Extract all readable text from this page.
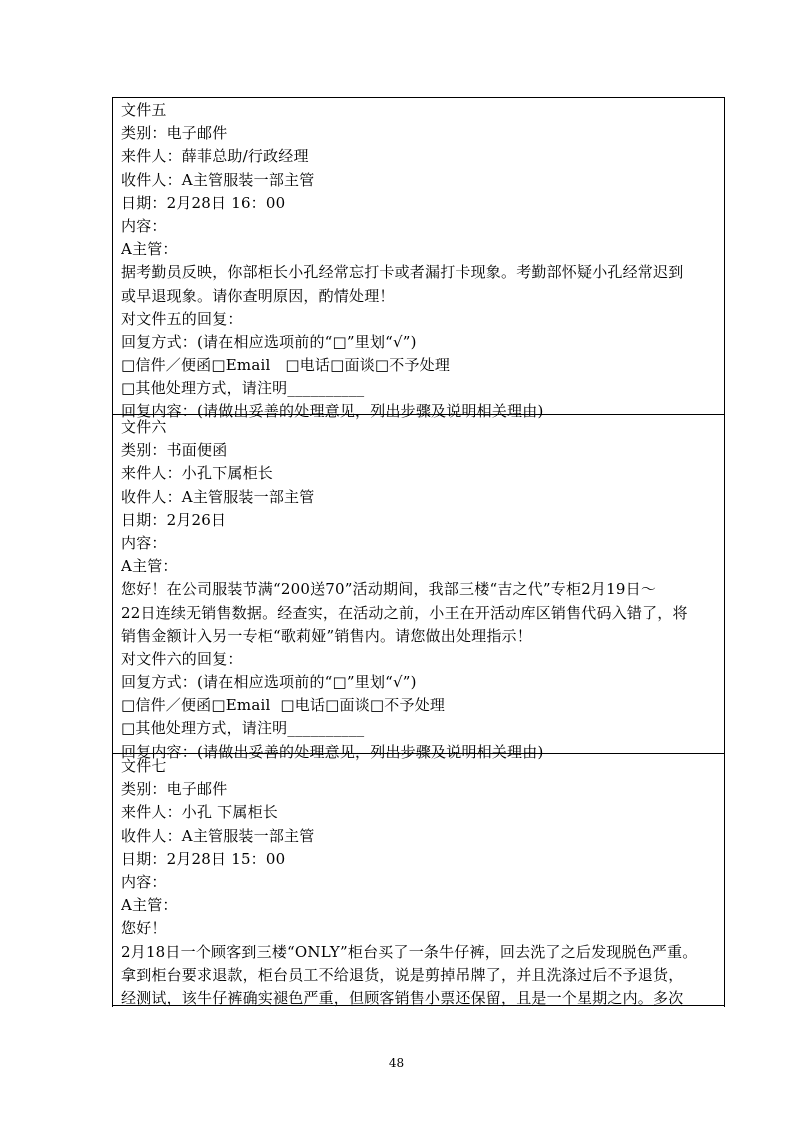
文件五
类别：电子邮件
来件人：薛菲总助/行政经理
收件人：A主管服装一部主管
日期：2月28日 16：00
内容：
A主管：
据考勤员反映，你部柜长小孔经常忘打卡或者漏打卡现象。考勤部怀疑小孔经常迟到
或早退现象。请你查明原因，酌情处理！
对文件五的回复：
回复方式：(请在相应选项前的“□”里划“√”)
□信件／便函□Email   □电话□面谈□不予处理
□其他处理方式，请注明__________
回复内容：(请做出妥善的处理意见，列出步骤及说明相关理由)
文件六
类别：书面便函
来件人：小孔下属柜长
收件人：A主管服装一部主管
日期：2月26日
内容：
A主管：
您好！在公司服装节满“200送70”活动期间，我部三楼“吉之代”专柜2月19日～
22日连续无销售数据。经查实，在活动之前，小王在开活动库区销售代码入错了，将
销售金额计入另一专柜“歌莉娅”销售内。请您做出处理指示！
对文件六的回复：
回复方式：(请在相应选项前的“□”里划“√”)
□信件／便函□Email  □电话□面谈□不予处理
□其他处理方式，请注明__________
回复内容：(请做出妥善的处理意见，列出步骤及说明相关理由)
文件七
类别：电子邮件
来件人：小孔 下属柜长
收件人：A主管服装一部主管
日期：2月28日 15：00
内容：
A主管：
您好！
2月18日一个顾客到三楼“ONLY”柜台买了一条牛仔裤，回去洗了之后发现脱色严重。
拿到柜台要求退款，柜台员工不给退货，说是剪掉吊牌了，并且洗涤过后不予退货，
经测试，该牛仔裤确实褪色严重，但顾客销售小票还保留，且是一个星期之内。多次
48
